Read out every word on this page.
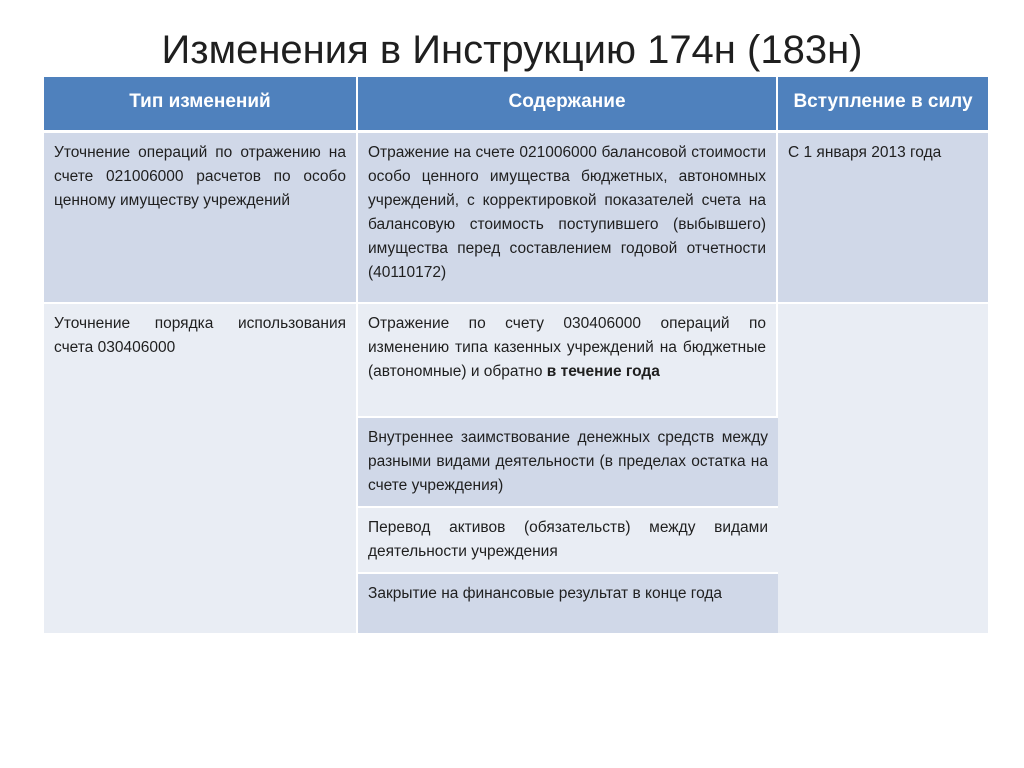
Изменения в Инструкцию 174н (183н)
Тип изменений	Содержание	Вступление в силу
Уточнение операций по отражению на счете 021006000 расчетов по особо ценному имуществу учреждений	Отражение на счете 021006000 балансовой стоимости особо ценного имущества бюджетных, автономных учреждений, с корректировкой показателей счета на балансовую стоимость поступившего (выбывшего) имущества перед составлением годовой отчетности (40110172)	С 1 января 2013 года
Уточнение порядка использования счета 030406000	Отражение по счету 030406000 операций по изменению типа казенных учреждений на бюджетные (автономные) и обратно в течение года	
	Внутреннее заимствование денежных средств между разными видами деятельности (в пределах остатка на счете учреждения)	
	Перевод активов (обязательств) между видами деятельности учреждения	
	Закрытие на финансовые результат в конце года	
